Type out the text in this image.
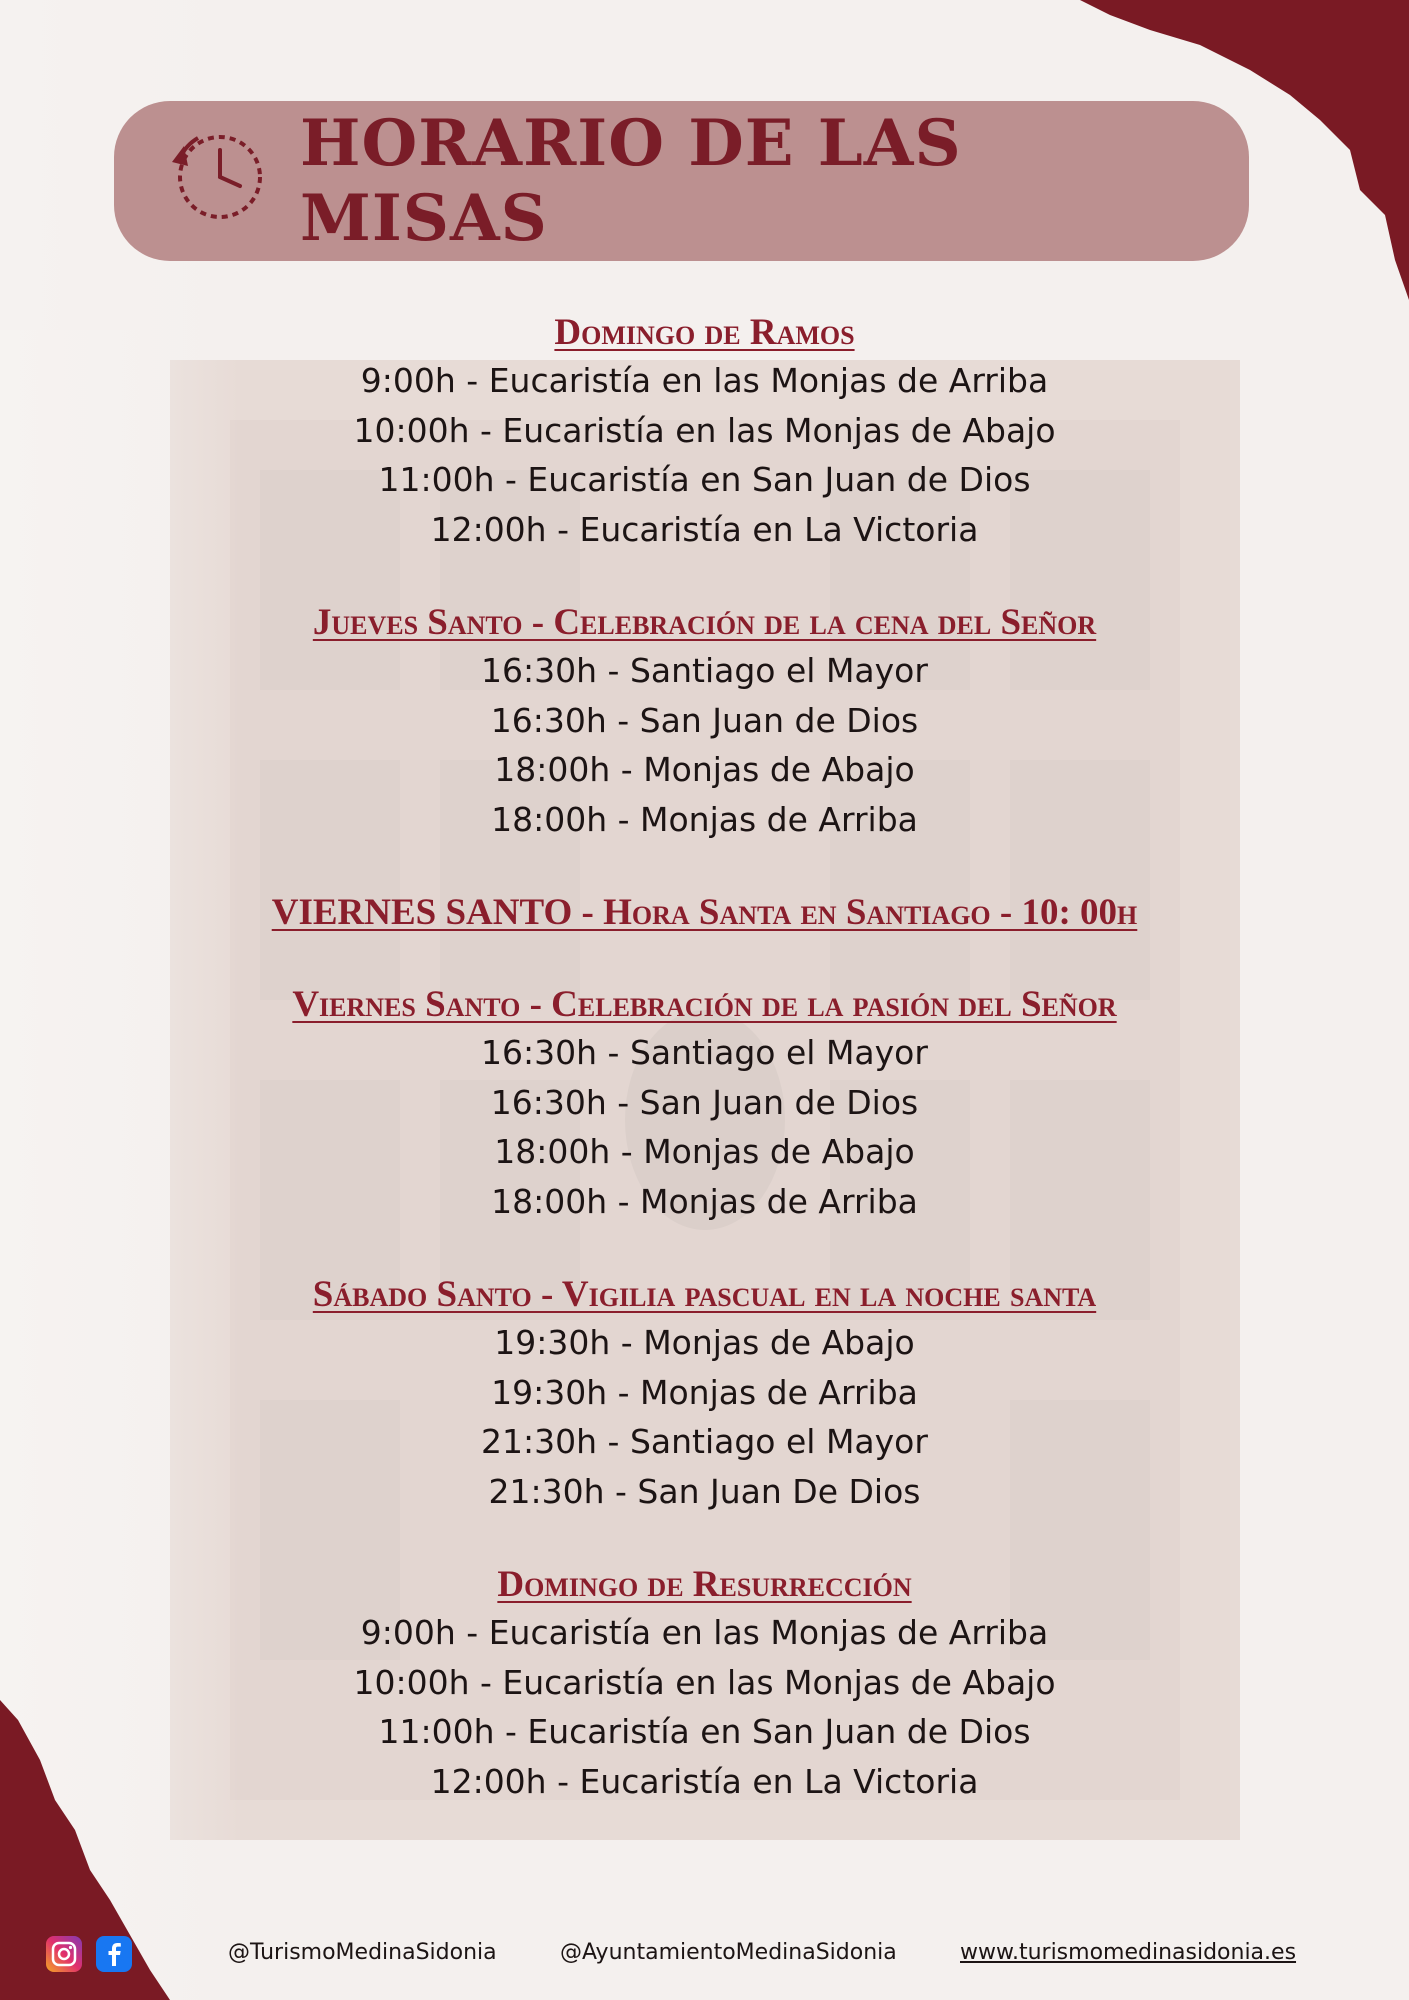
HORARIO DE LAS MISAS
Domingo de Ramos
9:00h - Eucaristía en las Monjas de Arriba
10:00h - Eucaristía en las Monjas de Abajo
11:00h - Eucaristía en San Juan de Dios
12:00h - Eucaristía en La Victoria
Jueves Santo - Celebración de la cena del Señor
16:30h - Santiago el Mayor
16:30h - San Juan de Dios
18:00h - Monjas de Abajo
18:00h - Monjas de Arriba
VIERNES SANTO - Hora Santa en Santiago - 10: 00h
Viernes Santo - Celebración de la pasión del Señor
16:30h - Santiago el Mayor
16:30h - San Juan de Dios
18:00h - Monjas de Abajo
18:00h - Monjas de Arriba
Sábado Santo - Vigilia pascual en la noche santa
19:30h - Monjas de Abajo
19:30h - Monjas de Arriba
21:30h - Santiago el Mayor
21:30h - San Juan De Dios
Domingo de Resurrección
9:00h - Eucaristía en las Monjas de Arriba
10:00h - Eucaristía en las Monjas de Abajo
11:00h - Eucaristía en San Juan de Dios
12:00h - Eucaristía en La Victoria
@TurismoMedinaSidonia	@AyuntamientoMedinaSidonia	www.turismomedinasidonia.es
